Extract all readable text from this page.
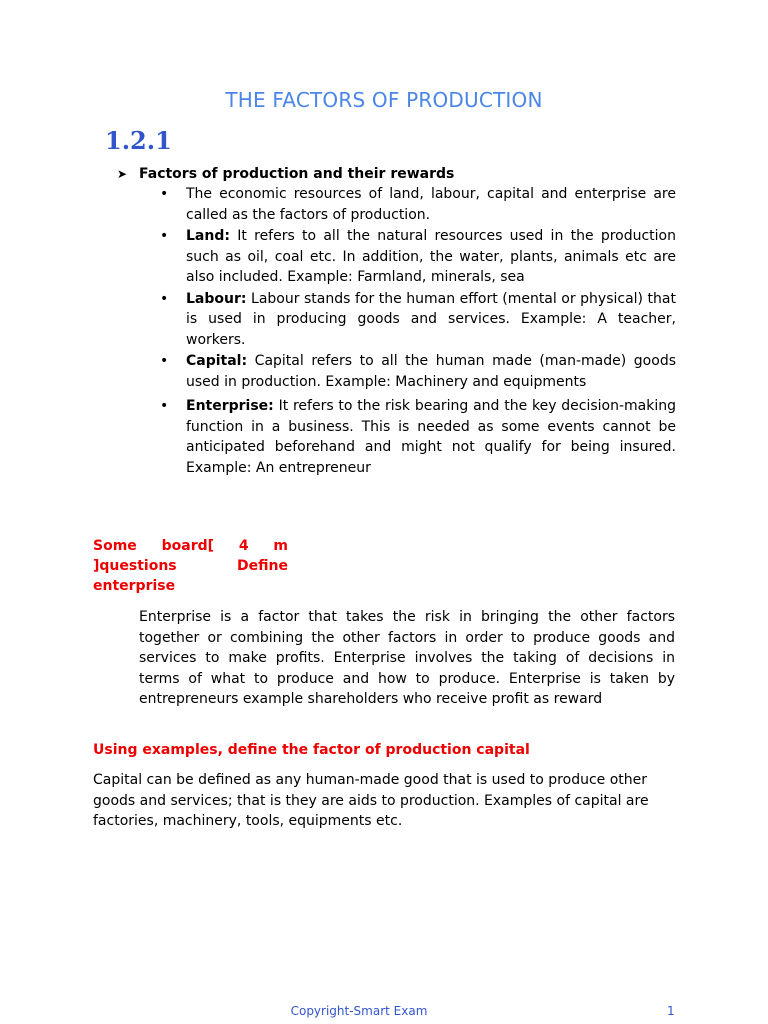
THE FACTORS OF PRODUCTION
1.2.1
➤ Factors of production and their rewards
• The economic resources of land, labour, capital and enterprise are called as the factors of production.
• Land: It refers to all the natural resources used in the production such as oil, coal etc. In addition, the water, plants, animals etc are also included. Example: Farmland, minerals, sea
• Labour: Labour stands for the human effort (mental or physical) that is used in producing goods and services. Example: A teacher, workers.
• Capital: Capital refers to all the human made (man-made) goods used in production. Example: Machinery and equipments
• Enterprise: It refers to the risk bearing and the key decision-making function in a business. This is needed as some events cannot be anticipated beforehand and might not qualify for being insured. Example: An entrepreneur
Some board[ 4 m ]questions Define enterprise
Enterprise is a factor that takes the risk in bringing the other factors together or combining the other factors in order to produce goods and services to make profits. Enterprise involves the taking of decisions in terms of what to produce and how to produce. Enterprise is taken by entrepreneurs example shareholders who receive profit as reward
Using examples, define the factor of production capital
Capital can be defined as any human-made good that is used to produce other goods and services; that is they are aids to production. Examples of capital are factories, machinery, tools, equipments etc.
Copyright-Smart Exam	1
